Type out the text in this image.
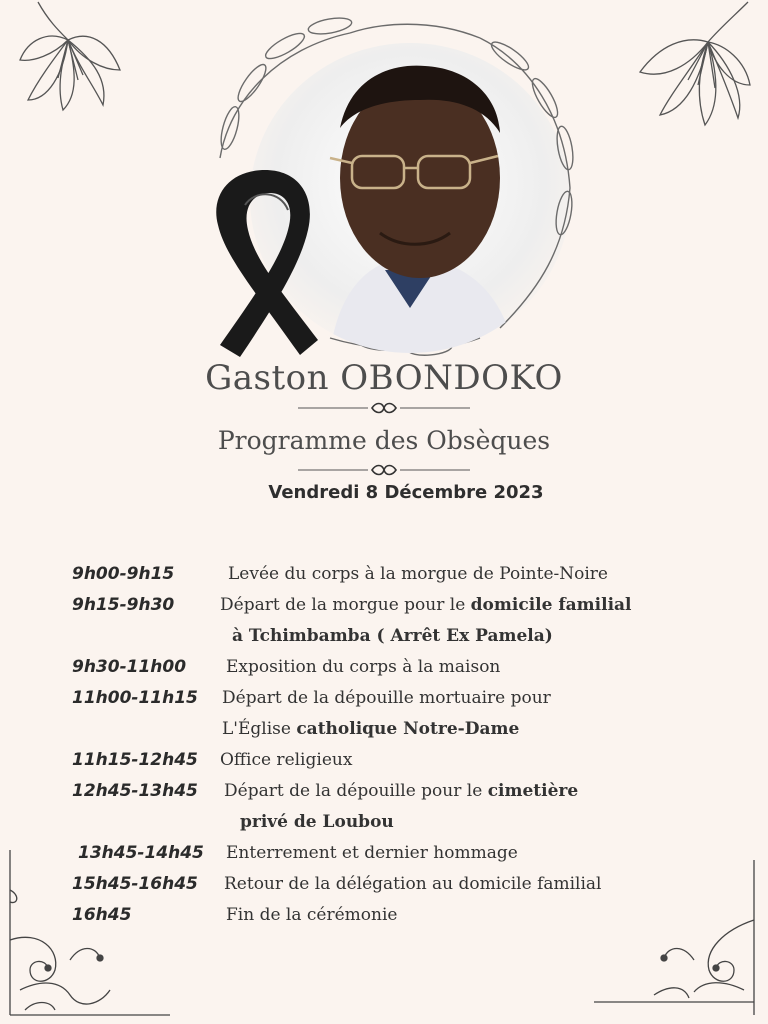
Gaston OBONDOKO
Programme des Obsèques
Vendredi 8 Décembre 2023
9h00-9h15	Levée du corps à la morgue de Pointe-Noire
9h15-9h30	Départ de la morgue pour le domicile familial
à Tchimbamba ( Arrêt Ex Pamela)
9h30-11h00 Exposition du corps à la maison
11h00-11h15 Départ de la dépouille mortuaire pour
L'Église catholique Notre-Dame
11h15-12h45 Office religieux
12h45-13h45 Départ de la dépouille pour le cimetière
privé de Loubou
13h45-14h45 Enterrement et dernier hommage
15h45-16h45 Retour de la délégation au domicile familial
16h45	Fin de la cérémonie
